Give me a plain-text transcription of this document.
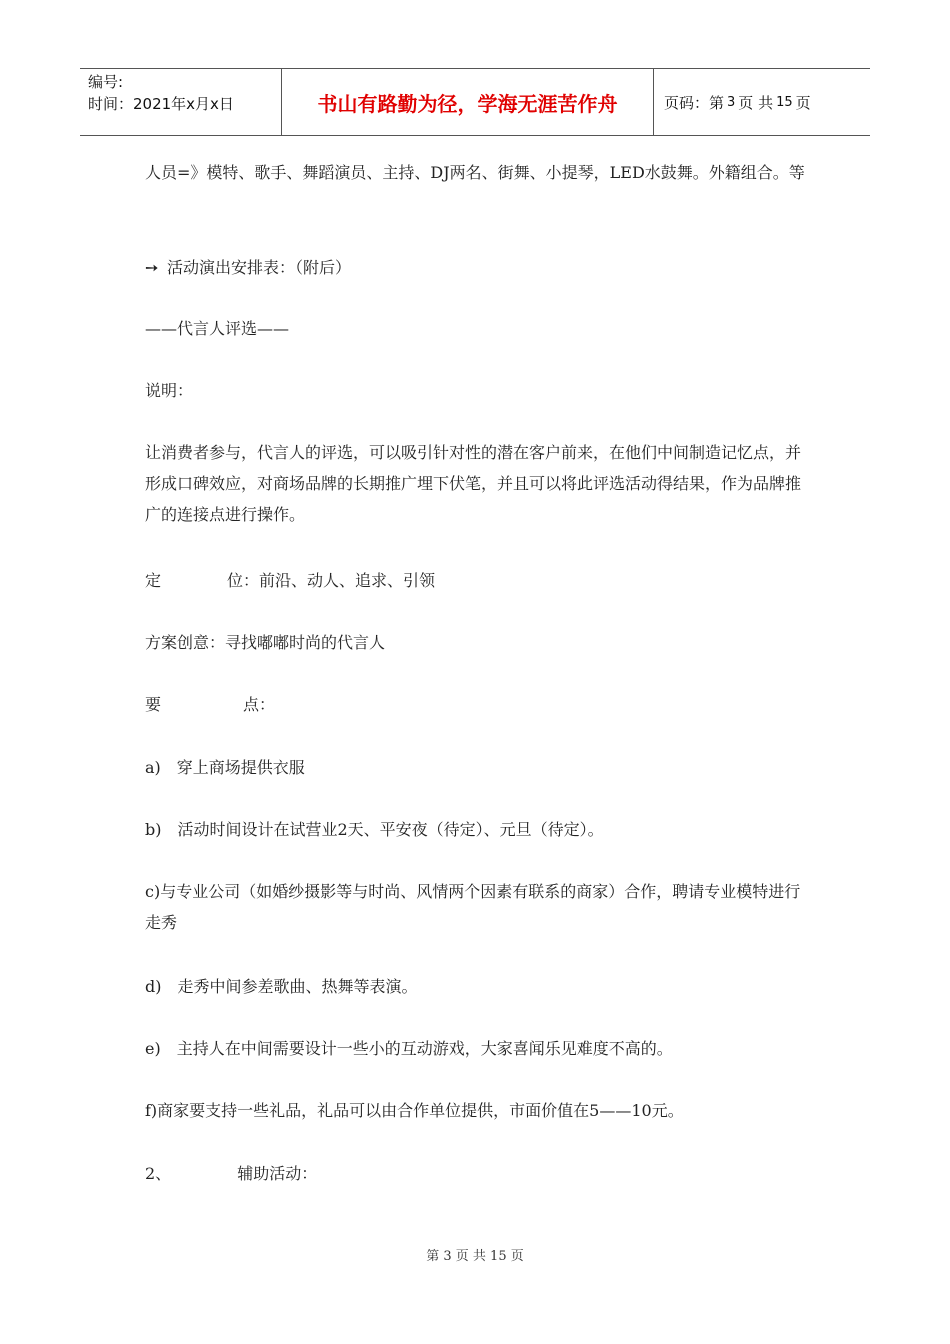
编号:
时间：2021年x月x日	书山有路勤为径，学海无涯苦作舟	页码：第 3 页 共 15 页

人员=》模特、歌手、舞蹈演员、主持、DJ两名、街舞、小提琴，LED水鼓舞。外籍组合。等

➙ 活动演出安排表：（附后）

——代言人评选——

说明：

让消费者参与，代言人的评选，可以吸引针对性的潜在客户前来，在他们中间制造记忆点，并形成口碑效应，对商场品牌的长期推广埋下伏笔，并且可以将此评选活动得结果，作为品牌推广的连接点进行操作。

定	位：前沿、动人、追求、引领

方案创意：寻找嘟嘟时尚的代言人

要	点：

a)　穿上商场提供衣服

b)　活动时间设计在试营业2天、平安夜（待定）、元旦（待定）。

c)与专业公司（如婚纱摄影等与时尚、风情两个因素有联系的商家）合作，聘请专业模特进行走秀

d)　走秀中间参差歌曲、热舞等表演。

e)　主持人在中间需要设计一些小的互动游戏，大家喜闻乐见难度不高的。

f)商家要支持一些礼品，礼品可以由合作单位提供，市面价值在5——10元。

2、	辅助活动：

第 3 页 共 15 页
